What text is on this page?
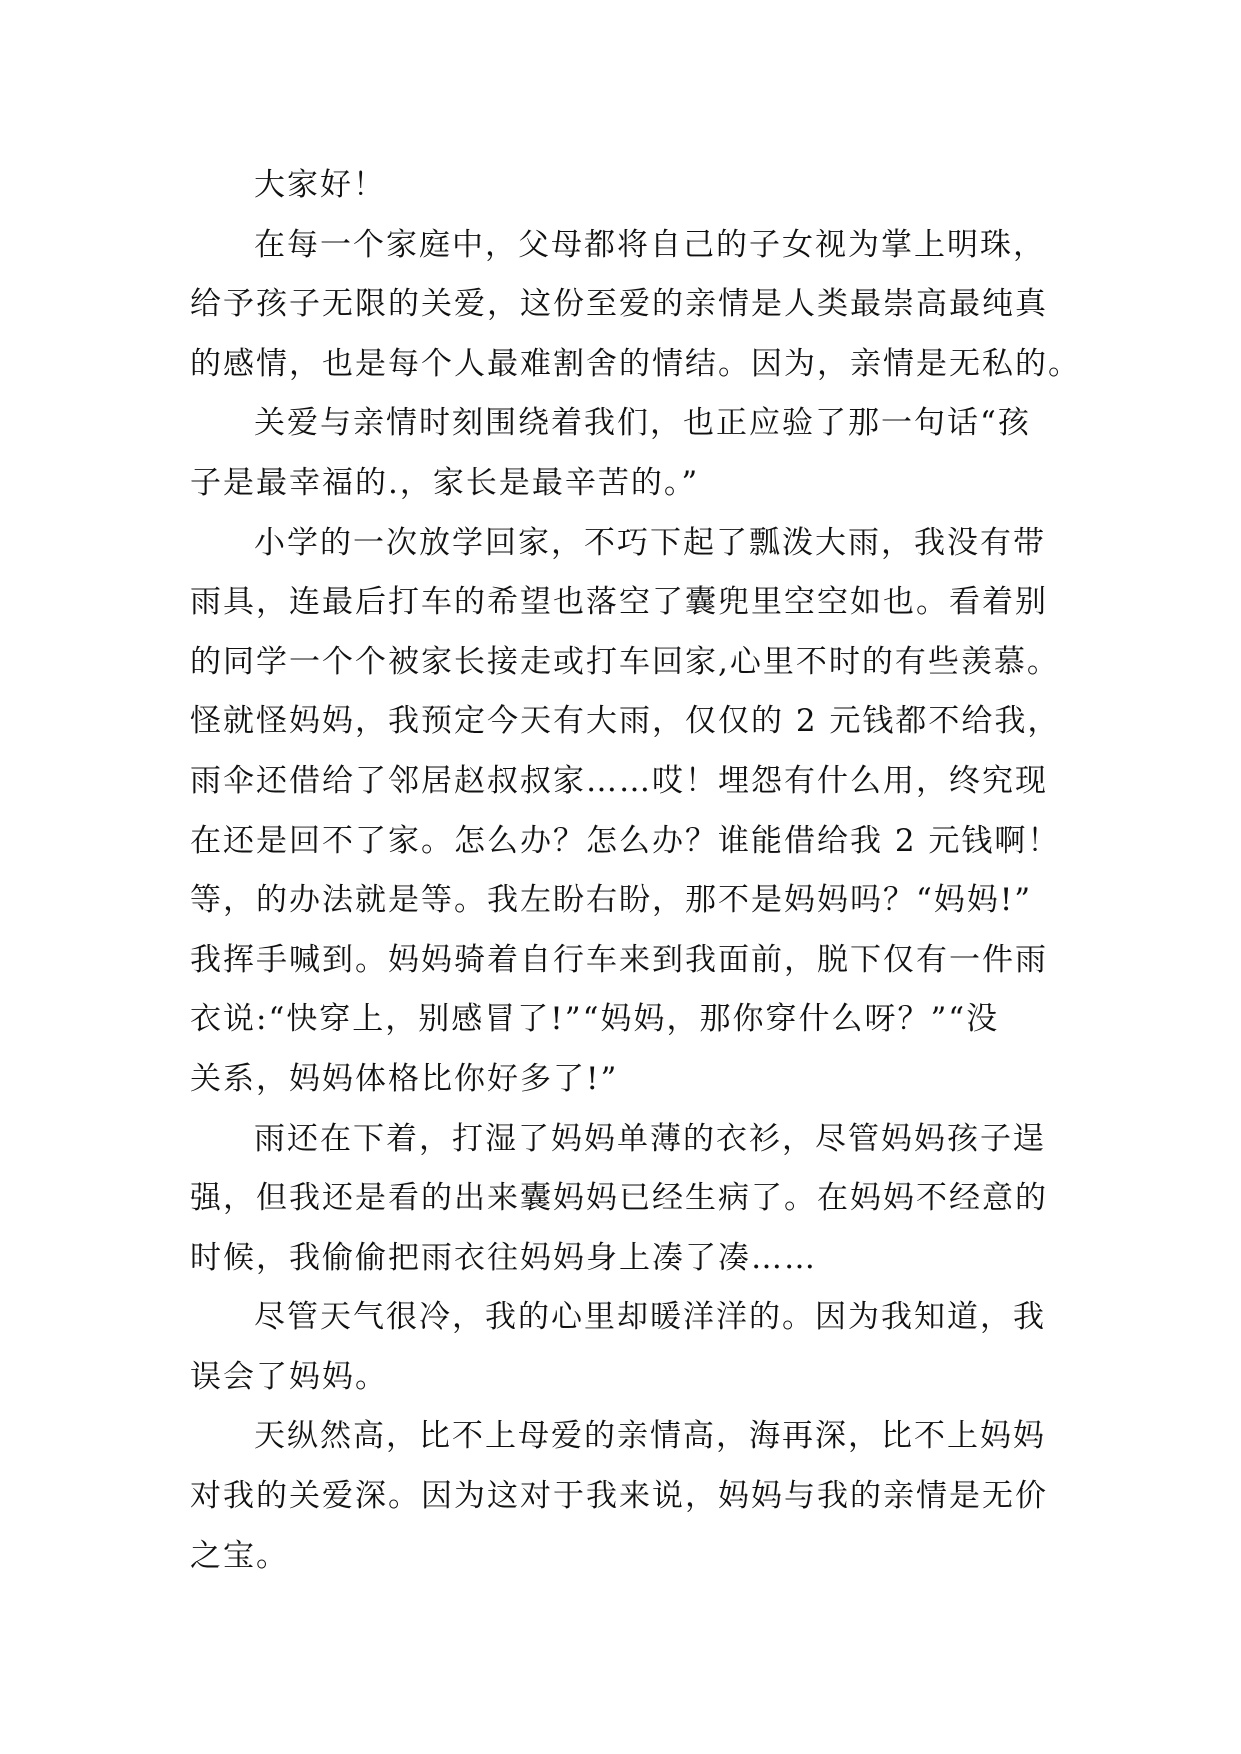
大家好！
在每一个家庭中，父母都将自己的子女视为掌上明珠，
给予孩子无限的关爱，这份至爱的亲情是人类最崇高最纯真
的感情，也是每个人最难割舍的情结。因为，亲情是无私的。
关爱与亲情时刻围绕着我们，也正应验了那一句话“孩
子是最幸福的.，家长是最辛苦的。”
小学的一次放学回家，不巧下起了瓢泼大雨，我没有带
雨具，连最后打车的希望也落空了囊兜里空空如也。看着别
的同学一个个被家长接走或打车回家,心里不时的有些羡慕。
怪就怪妈妈，我预定今天有大雨，仅仅的 2 元钱都不给我，
雨伞还借给了邻居赵叔叔家……哎！埋怨有什么用，终究现
在还是回不了家。怎么办？怎么办？谁能借给我 2 元钱啊！
等，的办法就是等。我左盼右盼，那不是妈妈吗？“妈妈!”
我挥手喊到。妈妈骑着自行车来到我面前，脱下仅有一件雨
衣说:“快穿上，别感冒了!”“妈妈，那你穿什么呀？”“没
关系，妈妈体格比你好多了!”
雨还在下着，打湿了妈妈单薄的衣衫，尽管妈妈孩子逞
强，但我还是看的出来囊妈妈已经生病了。在妈妈不经意的
时候，我偷偷把雨衣往妈妈身上凑了凑……
尽管天气很冷，我的心里却暖洋洋的。因为我知道，我
误会了妈妈。
天纵然高，比不上母爱的亲情高，海再深，比不上妈妈
对我的关爱深。因为这对于我来说，妈妈与我的亲情是无价
之宝。
